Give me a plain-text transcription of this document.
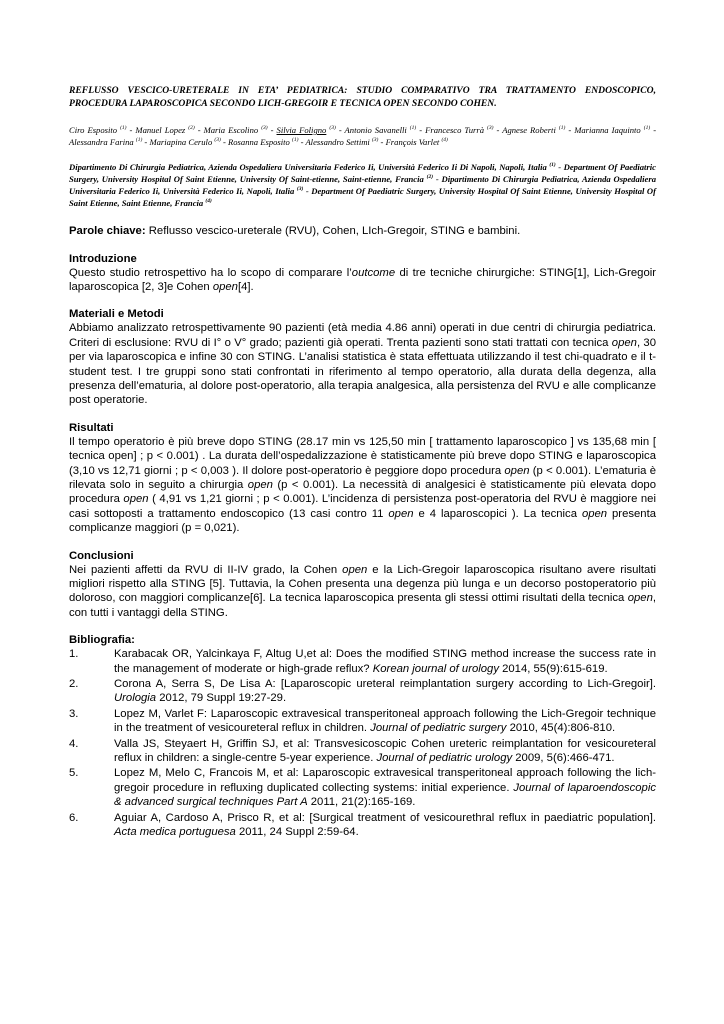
REFLUSSO VESCICO-URETERALE IN ETA’ PEDIATRICA: STUDIO COMPARATIVO TRA TRATTAMENTO ENDOSCOPICO, PROCEDURA LAPAROSCOPICA SECONDO LICH-GREGOIR E TECNICA OPEN SECONDO COHEN.

Ciro Esposito $^{(1)}$ - Manuel Lopez $^{(2)}$ - Maria Escolino $^{(3)}$ - Silvia Foligno $^{(3)}$ - Antonio Savanelli $^{(1)}$ - Francesco Turrà $^{(3)}$ - Agnese Roberti $^{(1)}$ - Marianna Iaquinto $^{(1)}$ - Alessandra Farina $^{(1)}$ - Mariapina Cerulo $^{(3)}$ - Rosanna Esposito $^{(1)}$ - Alessandro Settimi $^{(3)}$ - François Varlet $^{(4)}$

Dipartimento Di Chirurgia Pediatrica, Azienda Ospedaliera Universitaria Federico Ii, Università Federico Ii Di Napoli, Napoli, Italia $^{(1)}$ - Department Of Paediatric Surgery, University Hospital Of Saint Etienne, University Of Saint-etienne, Saint-etienne, Francia $^{(2)}$ - Dipartimento Di Chirurgia Pediatrica, Azienda Ospedaliera Universitaria Federico Ii, Università Federico Ii, Napoli, Italia $^{(3)}$ - Department Of Paediatric Surgery, University Hospital Of Saint Etienne, University Hospital Of Saint Etienne, Saint Etienne, Francia $^{(4)}$

Parole chiave: Reflusso vescico-ureterale (RVU), Cohen, LIch-Gregoir, STING e bambini.

Introduzione

Questo studio retrospettivo ha lo scopo di comparare l’outcome di tre tecniche chirurgiche: STING[1], Lich-Gregoir laparoscopica [2, 3]e Cohen open[4].

Materiali e Metodi

Abbiamo analizzato retrospettivamente 90 pazienti (età media 4.86 anni) operati in due centri di chirurgia pediatrica. Criteri di esclusione: RVU di I° o V° grado; pazienti già operati. Trenta pazienti sono stati trattati con tecnica open, 30 per via laparoscopica e infine 30 con STING. L’analisi statistica è stata effettuata utilizzando il test chi-quadrato e il t-student test. I tre gruppi sono stati confrontati in riferimento al tempo operatorio, alla durata della degenza, alla presenza dell’ematuria, al dolore post-operatorio, alla terapia analgesica, alla persistenza del RVU e alle complicanze post operatorie.

Risultati

Il tempo operatorio è più breve dopo STING (28.17 min vs 125,50 min [ trattamento laparoscopico ] vs 135,68 min [ tecnica open] ; p < 0.001) . La durata dell’ospedalizzazione è statisticamente più breve dopo STING e laparoscopica (3,10 vs 12,71 giorni ; p < 0,003 ). Il dolore post-operatorio è peggiore dopo procedura open (p < 0.001). L’ematuria è rilevata solo in seguito a chirurgia open (p < 0.001). La necessità di analgesici è statisticamente più elevata dopo procedura open ( 4,91 vs 1,21 giorni ; p < 0.001). L’incidenza di persistenza post-operatoria del RVU è maggiore nei casi sottoposti a trattamento endoscopico (13 casi contro 11 open e 4 laparoscopici ). La tecnica open presenta complicanze maggiori (p = 0,021).

Conclusioni

Nei pazienti affetti da RVU di II-IV grado, la Cohen open e la Lich-Gregoir laparoscopica risultano avere risultati migliori rispetto alla STING [5]. Tuttavia, la Cohen presenta una degenza più lunga e un decorso postoperatorio più doloroso, con maggiori complicanze[6]. La tecnica laparoscopica presenta gli stessi ottimi risultati della tecnica open, con tutti i vantaggi della STING.

Bibliografia:
1.	Karabacak OR, Yalcinkaya F, Altug U,et al: Does the modified STING method increase the success rate in the management of moderate or high-grade reflux? Korean journal of urology 2014, 55(9):615-619.
2.	Corona A, Serra S, De Lisa A: [Laparoscopic ureteral reimplantation surgery according to Lich-Gregoir]. Urologia 2012, 79 Suppl 19:27-29.
3.	Lopez M, Varlet F: Laparoscopic extravesical transperitoneal approach following the Lich-Gregoir technique in the treatment of vesicoureteral reflux in children. Journal of pediatric surgery 2010, 45(4):806-810.
4.	Valla JS, Steyaert H, Griffin SJ, et al: Transvesicoscopic Cohen ureteric reimplantation for vesicoureteral reflux in children: a single-centre 5-year experience. Journal of pediatric urology 2009, 5(6):466-471.
5.	Lopez M, Melo C, Francois M, et al: Laparoscopic extravesical transperitoneal approach following the lich-gregoir procedure in refluxing duplicated collecting systems: initial experience. Journal of laparoendoscopic & advanced surgical techniques Part A 2011, 21(2):165-169.
6.	Aguiar A, Cardoso A, Prisco R, et al: [Surgical treatment of vesicourethral reflux in paediatric population]. Acta medica portuguesa 2011, 24 Suppl 2:59-64.
